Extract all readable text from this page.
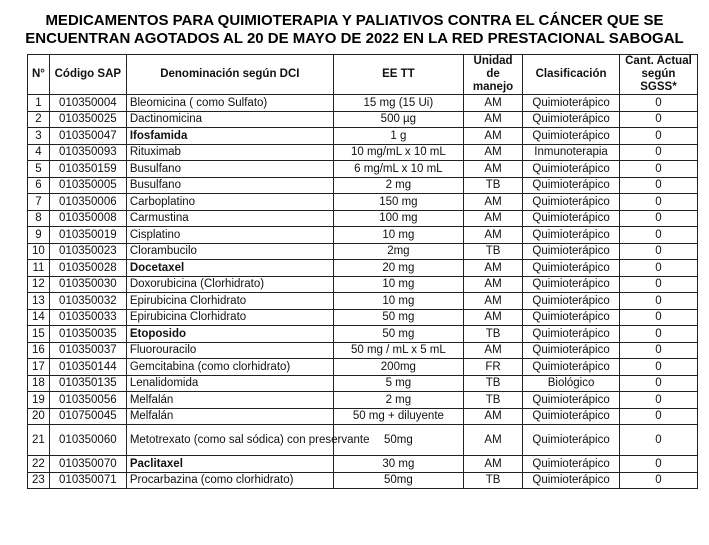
MEDICAMENTOS PARA QUIMIOTERAPIA Y PALIATIVOS CONTRA EL CÁNCER QUE SE
ENCUENTRAN AGOTADOS AL 20 DE MAYO DE 2022 EN LA RED PRESTACIONAL SABOGAL
N°	Código SAP	Denominación según DCI	EE TT	Unidad de manejo	Clasificación	Cant. Actual según SGSS*
1	010350004	Bleomicina ( como Sulfato)	15 mg (15 Ui)	AM	Quimioterápico	0
2	010350025	Dactinomicina	500 µg	AM	Quimioterápico	0
3	010350047	Ifosfamida	1 g	AM	Quimioterápico	0
4	010350093	Rituximab	10 mg/mL x 10 mL	AM	Inmunoterapia	0
5	010350159	Busulfano	6 mg/mL x 10 mL	AM	Quimioterápico	0
6	010350005	Busulfano	2 mg	TB	Quimioterápico	0
7	010350006	Carboplatino	150 mg	AM	Quimioterápico	0
8	010350008	Carmustina	100 mg	AM	Quimioterápico	0
9	010350019	Cisplatino	10 mg	AM	Quimioterápico	0
10	010350023	Clorambucilo	2mg	TB	Quimioterápico	0
11	010350028	Docetaxel	20 mg	AM	Quimioterápico	0
12	010350030	Doxorubicina (Clorhidrato)	10 mg	AM	Quimioterápico	0
13	010350032	Epirubicina Clorhidrato	10 mg	AM	Quimioterápico	0
14	010350033	Epirubicina Clorhidrato	50 mg	AM	Quimioterápico	0
15	010350035	Etoposido	50 mg	TB	Quimioterápico	0
16	010350037	Fluorouracilo	50 mg / mL x 5 mL	AM	Quimioterápico	0
17	010350144	Gemcitabina (como clorhidrato)	200mg	FR	Quimioterápico	0
18	010350135	Lenalidomida	5 mg	TB	Biológico	0
19	010350056	Melfalán	2 mg	TB	Quimioterápico	0
20	010750045	Melfalán	50 mg + diluyente	AM	Quimioterápico	0
21	010350060	Metotrexato (como sal sódica) con preservante	50mg	AM	Quimioterápico	0
22	010350070	Paclitaxel	30 mg	AM	Quimioterápico	0
23	010350071	Procarbazina (como clorhidrato)	50mg	TB	Quimioterápico	0
